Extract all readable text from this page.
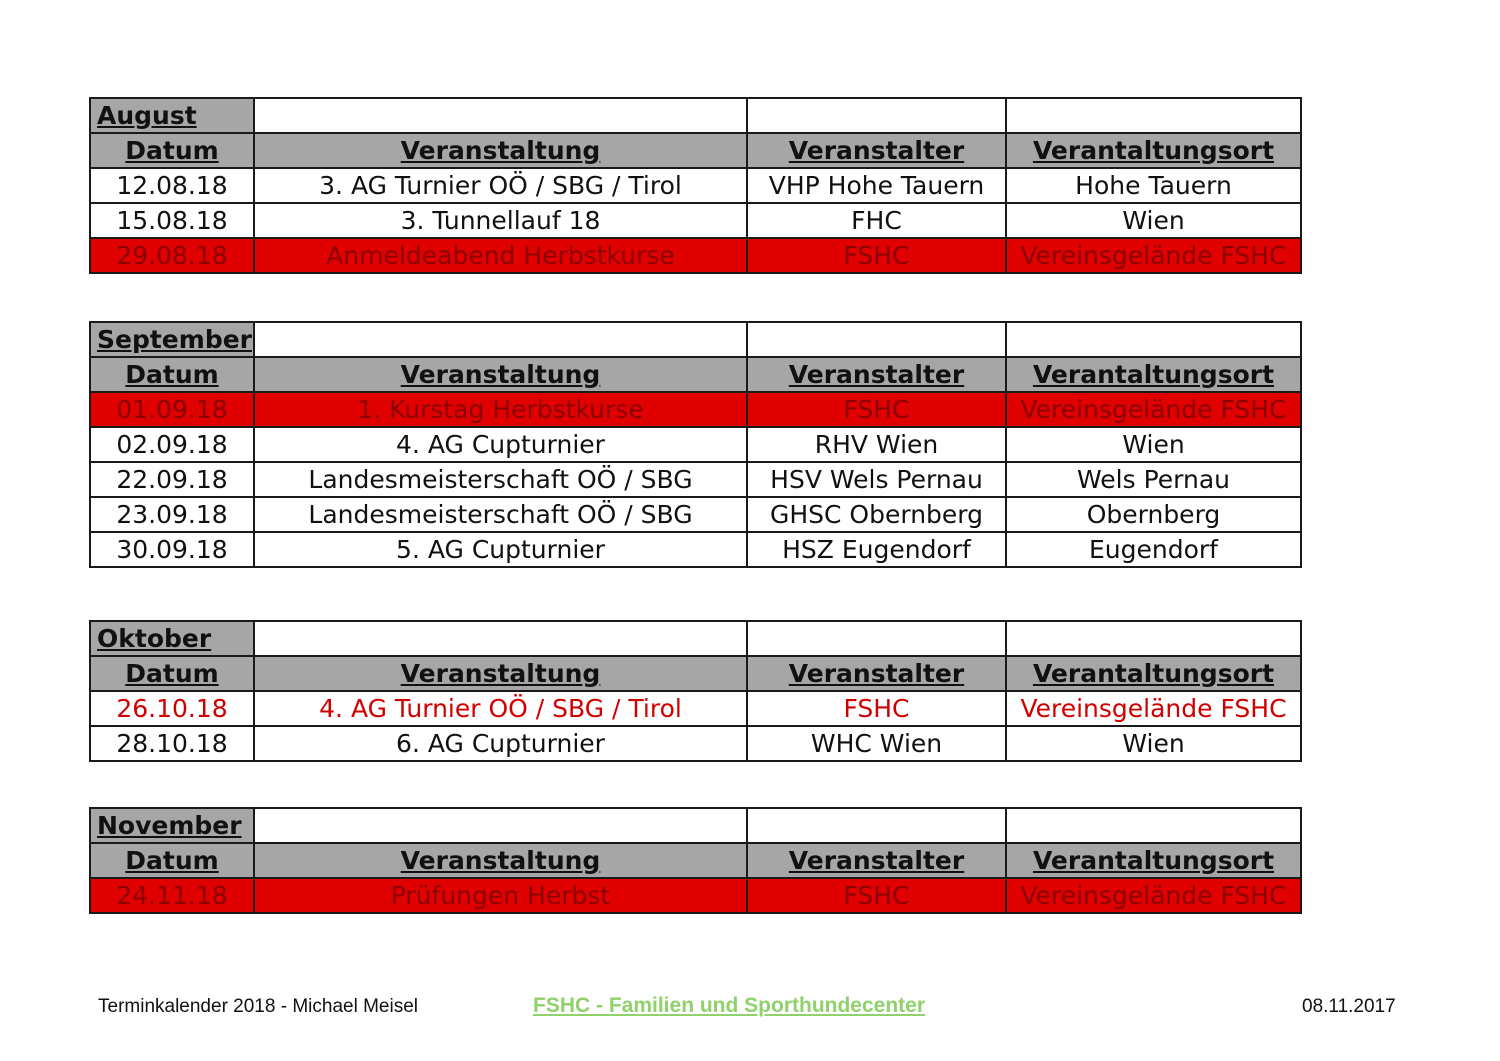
August			
Datum	Veranstaltung	Veranstalter	Verantaltungsort
12.08.18	3. AG Turnier OÖ / SBG / Tirol	VHP Hohe Tauern	Hohe Tauern
15.08.18	3. Tunnellauf 18	FHC	Wien
29.08.18	Anmeldeabend Herbstkurse	FSHC	Vereinsgelände FSHC
September			
Datum	Veranstaltung	Veranstalter	Verantaltungsort
01.09.18	1. Kurstag Herbstkurse	FSHC	Vereinsgelände FSHC
02.09.18	4. AG Cupturnier	RHV Wien	Wien
22.09.18	Landesmeisterschaft OÖ / SBG	HSV Wels Pernau	Wels Pernau
23.09.18	Landesmeisterschaft OÖ / SBG	GHSC Obernberg	Obernberg
30.09.18	5. AG Cupturnier	HSZ Eugendorf	Eugendorf
Oktober			
Datum	Veranstaltung	Veranstalter	Verantaltungsort
26.10.18	4. AG Turnier OÖ / SBG / Tirol	FSHC	Vereinsgelände FSHC
28.10.18	6. AG Cupturnier	WHC Wien	Wien
November			
Datum	Veranstaltung	Veranstalter	Verantaltungsort
24.11.18	Prüfungen Herbst	FSHC	Vereinsgelände FSHC
Terminkalender 2018 - Michael Meisel	FSHC - Familien und Sporthundecenter	08.11.2017
